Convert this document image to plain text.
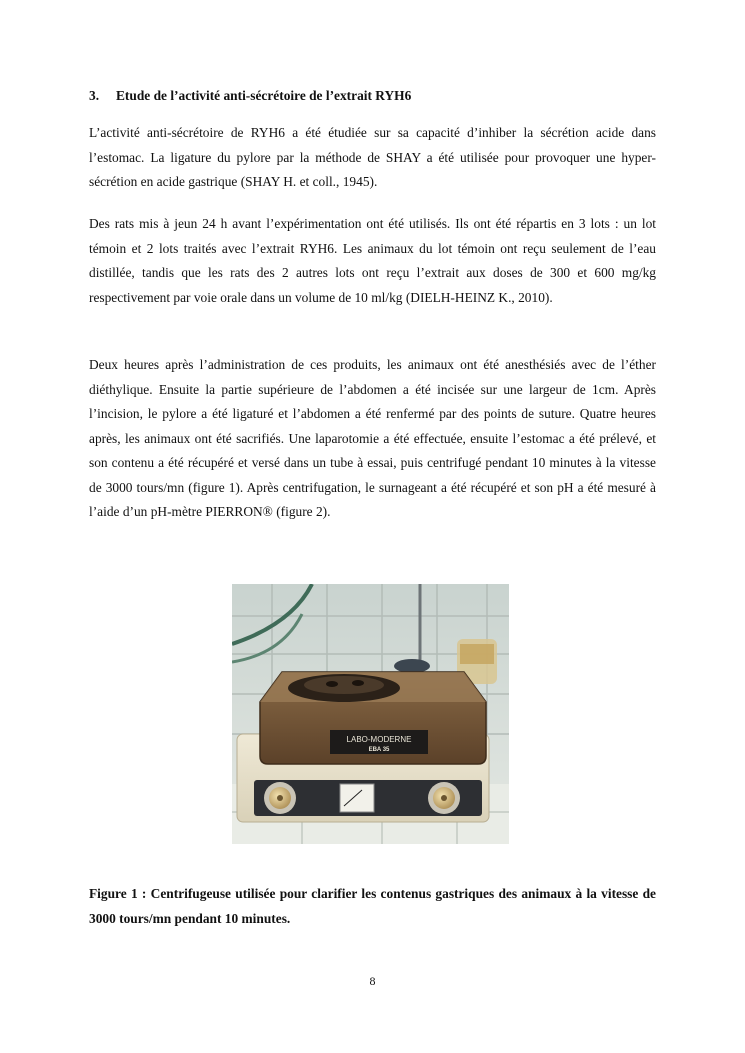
3. Etude de l’activité anti-sécrétoire de l’extrait RYH6

L’activité anti-sécrétoire de RYH6 a été étudiée sur sa capacité d’inhiber la sécrétion acide dans l’estomac. La ligature du pylore par la méthode de SHAY a été utilisée pour provoquer une hyper-sécrétion en acide gastrique (SHAY H. et coll., 1945).

Des rats mis à jeun 24 h avant l’expérimentation ont été utilisés. Ils ont été répartis en 3 lots : un lot témoin et 2 lots traités avec l’extrait RYH6. Les animaux du lot témoin ont reçu seulement de l’eau distillée, tandis que les rats des 2 autres lots ont reçu l’extrait aux doses de 300 et 600 mg/kg respectivement par voie orale dans un volume de 10 ml/kg (DIELH-HEINZ K., 2010).

Deux heures après l’administration de ces produits, les animaux ont été anesthésiés avec de l’éther diéthylique. Ensuite la partie supérieure de l’abdomen a été incisée sur une largeur de 1cm. Après l’incision, le pylore a été ligaturé et l’abdomen a été renfermé par des points de suture. Quatre heures après, les animaux ont été sacrifiés. Une laparotomie a été effectuée, ensuite l’estomac a été prélevé, et son contenu a été récupéré et versé dans un tube à essai, puis centrifugé pendant 10 minutes à la vitesse de 3000 tours/mn (figure 1). Après centrifugation, le surnageant a été récupéré et son pH a été mesuré à l’aide d’un pH-mètre PIERRON® (figure 2).

LABO-MODERNE
EBA 35

Figure 1 : Centrifugeuse utilisée pour clarifier les contenus gastriques des animaux à la vitesse de 3000 tours/mn pendant 10 minutes.

8
